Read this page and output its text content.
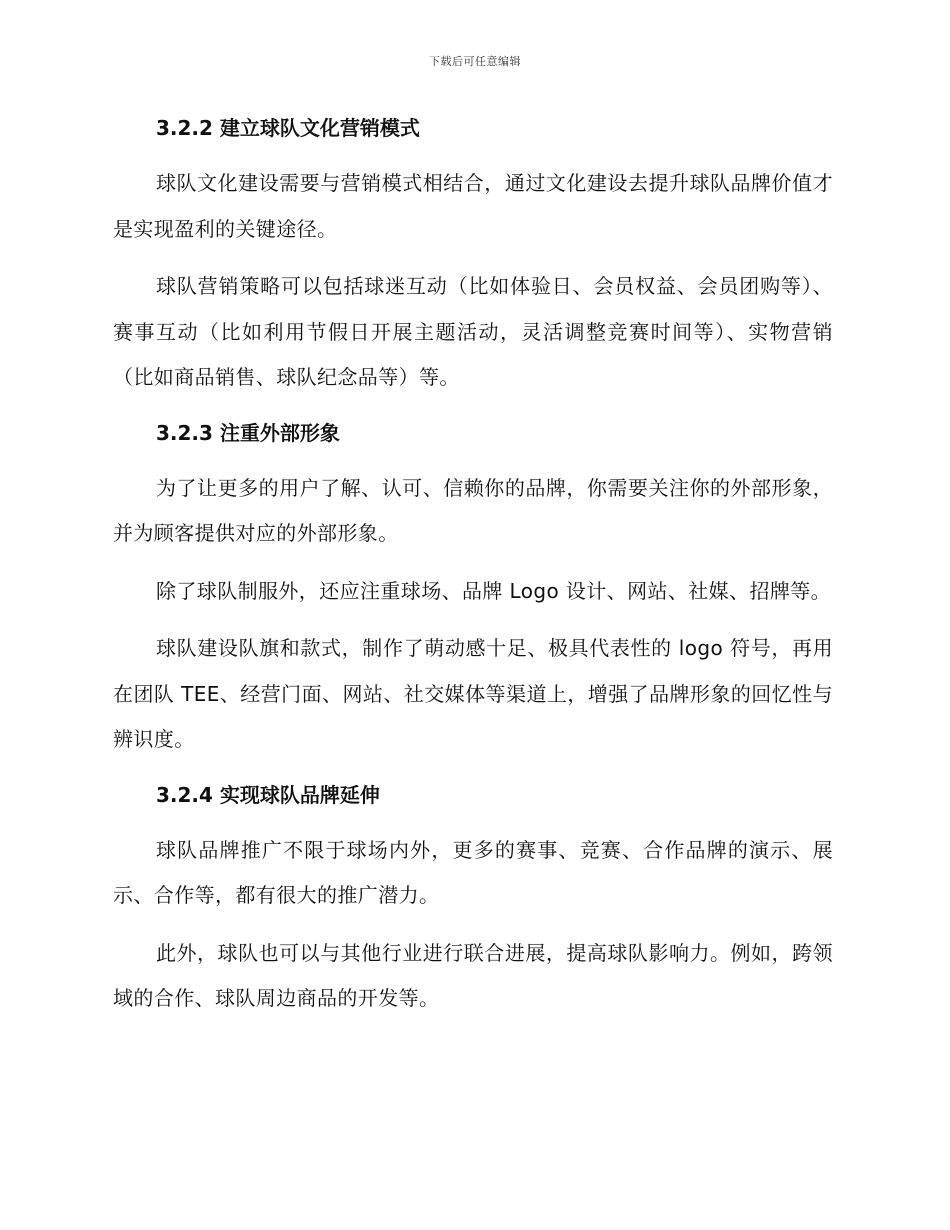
下载后可任意编辑
3.2.2 建立球队文化营销模式

球队文化建设需要与营销模式相结合，通过文化建设去提升球队品牌价值才是实现盈利的关键途径。

球队营销策略可以包括球迷互动（比如体验日、会员权益、会员团购等）、赛事互动（比如利用节假日开展主题活动，灵活调整竞赛时间等）、实物营销（比如商品销售、球队纪念品等）等。

3.2.3 注重外部形象

为了让更多的用户了解、认可、信赖你的品牌，你需要关注你的外部形象，并为顾客提供对应的外部形象。

除了球队制服外，还应注重球场、品牌 Logo 设计、网站、社媒、招牌等。

球队建设队旗和款式，制作了萌动感十足、极具代表性的 logo 符号，再用在团队 TEE、经营门面、网站、社交媒体等渠道上，增强了品牌形象的回忆性与辨识度。

3.2.4 实现球队品牌延伸

球队品牌推广不限于球场内外，更多的赛事、竞赛、合作品牌的演示、展示、合作等，都有很大的推广潜力。

此外，球队也可以与其他行业进行联合进展，提高球队影响力。例如，跨领域的合作、球队周边商品的开发等。
